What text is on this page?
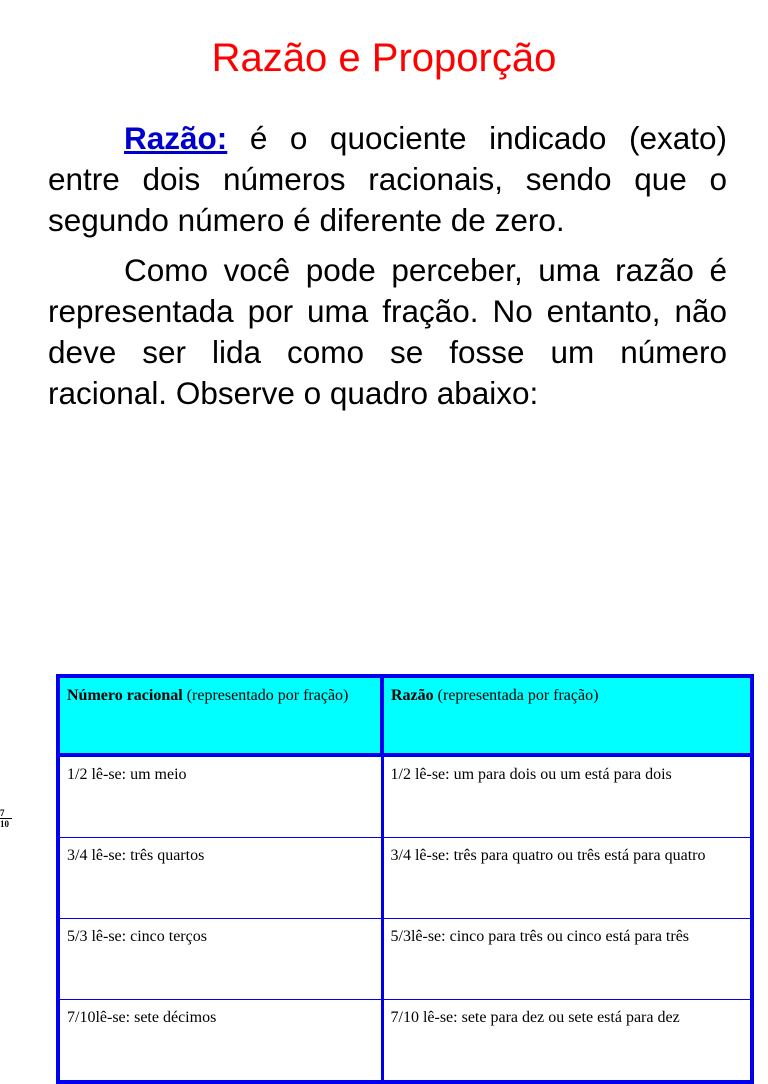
Razão e Proporção

Razão: é o quociente indicado (exato) entre dois números racionais, sendo que o segundo número é diferente de zero.

Como você pode perceber, uma razão é representada por uma fração. No entanto, não deve ser lida como se fosse um número racional. Observe o quadro abaixo:

$\frac{7}{10}$
Número racional (representado por fração)	Razão (representada por fração)
1/2 lê-se: um meio	1/2 lê-se: um para dois ou um está para dois
3/4 lê-se: três quartos	3/4 lê-se: três para quatro ou três está para quatro
5/3 lê-se: cinco terços	5/3lê-se: cinco para três ou cinco está para três
7/10lê-se: sete décimos	7/10 lê-se: sete para dez ou sete está para dez
